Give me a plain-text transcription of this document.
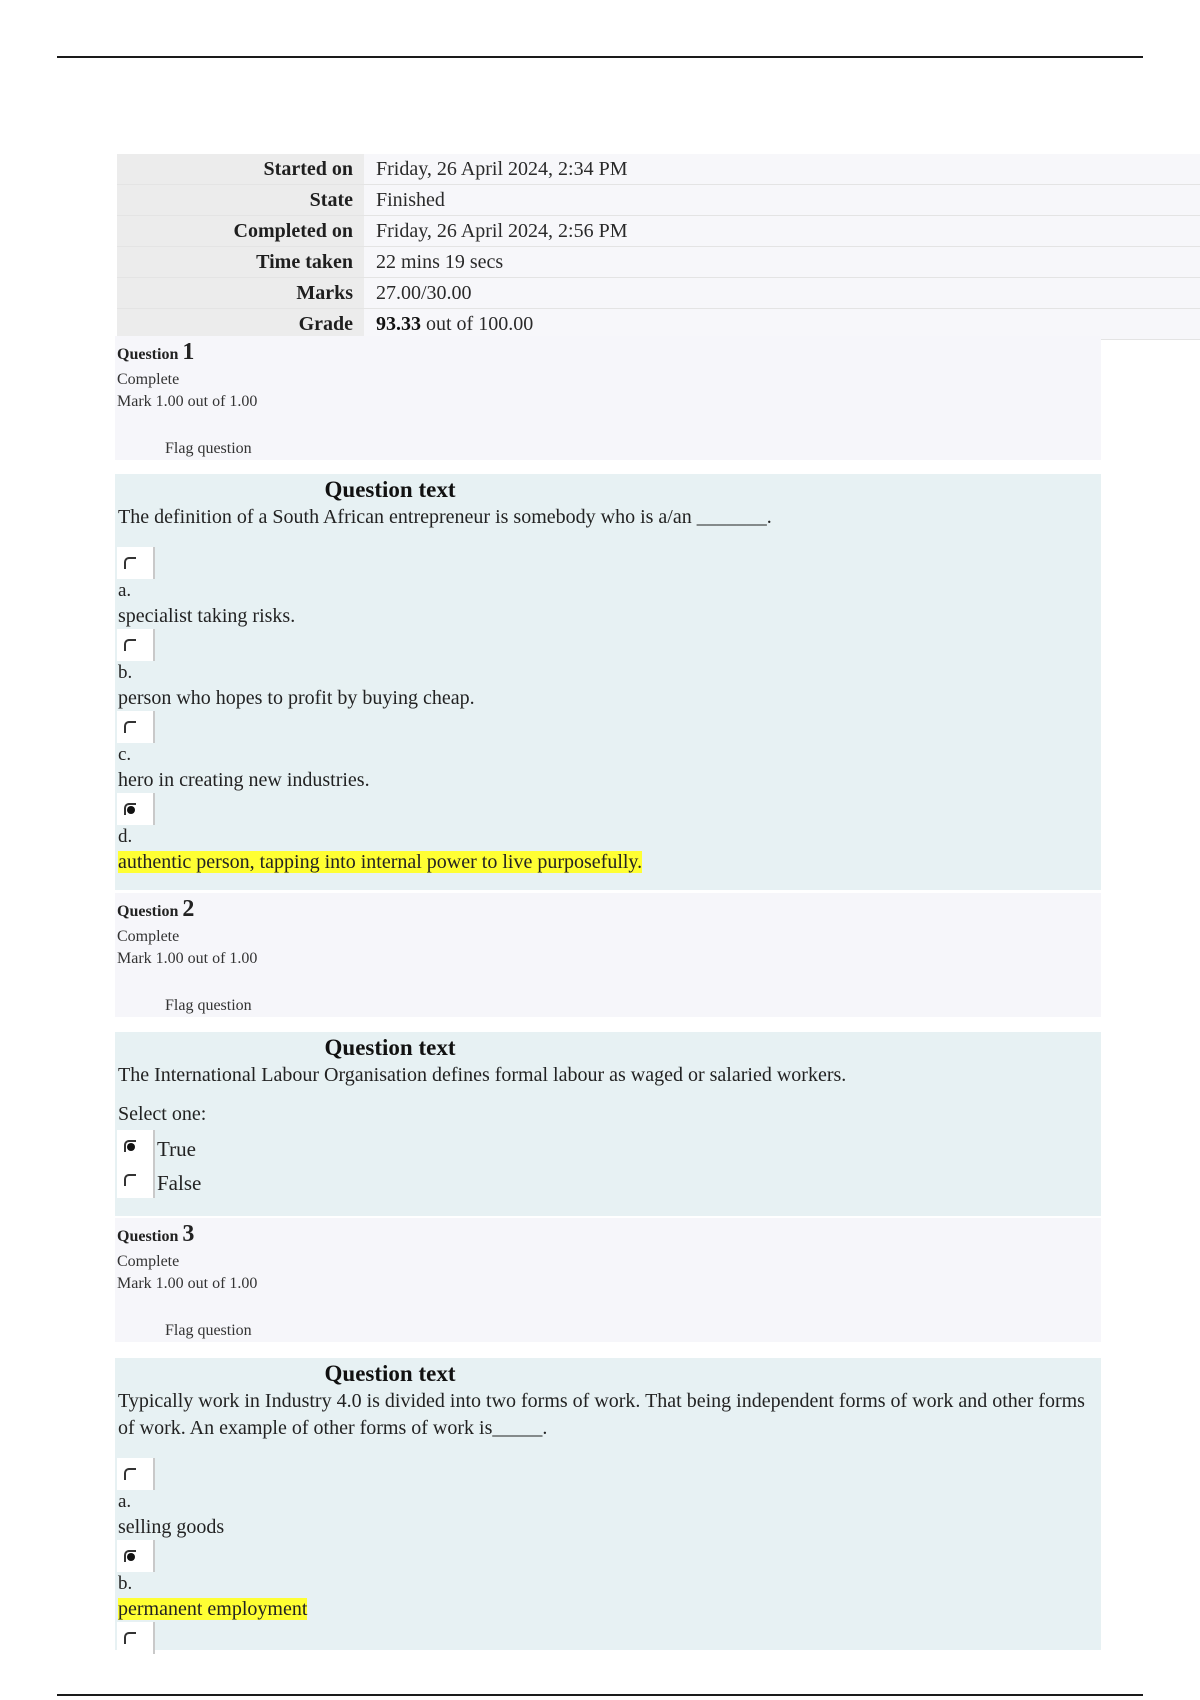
Started on	Friday, 26 April 2024, 2:34 PM
State	Finished
Completed on	Friday, 26 April 2024, 2:56 PM
Time taken	22 mins 19 secs
Marks	27.00/30.00
Grade	93.33 out of 100.00
Question 1
Complete
Mark 1.00 out of 1.00
Flag question
Question text
The definition of a South African entrepreneur is somebody who is a/an _______.
a.
specialist taking risks.
b.
person who hopes to profit by buying cheap.
c.
hero in creating new industries.
d.
authentic person, tapping into internal power to live purposefully.
Question 2
Complete
Mark 1.00 out of 1.00
Flag question
Question text
The International Labour Organisation defines formal labour as waged or salaried workers.
Select one:
True
False
Question 3
Complete
Mark 1.00 out of 1.00
Flag question
Question text
Typically work in Industry 4.0 is divided into two forms of work. That being independent forms of work and other forms of work. An example of other forms of work is_____.
a.
selling goods
b.
permanent employment
